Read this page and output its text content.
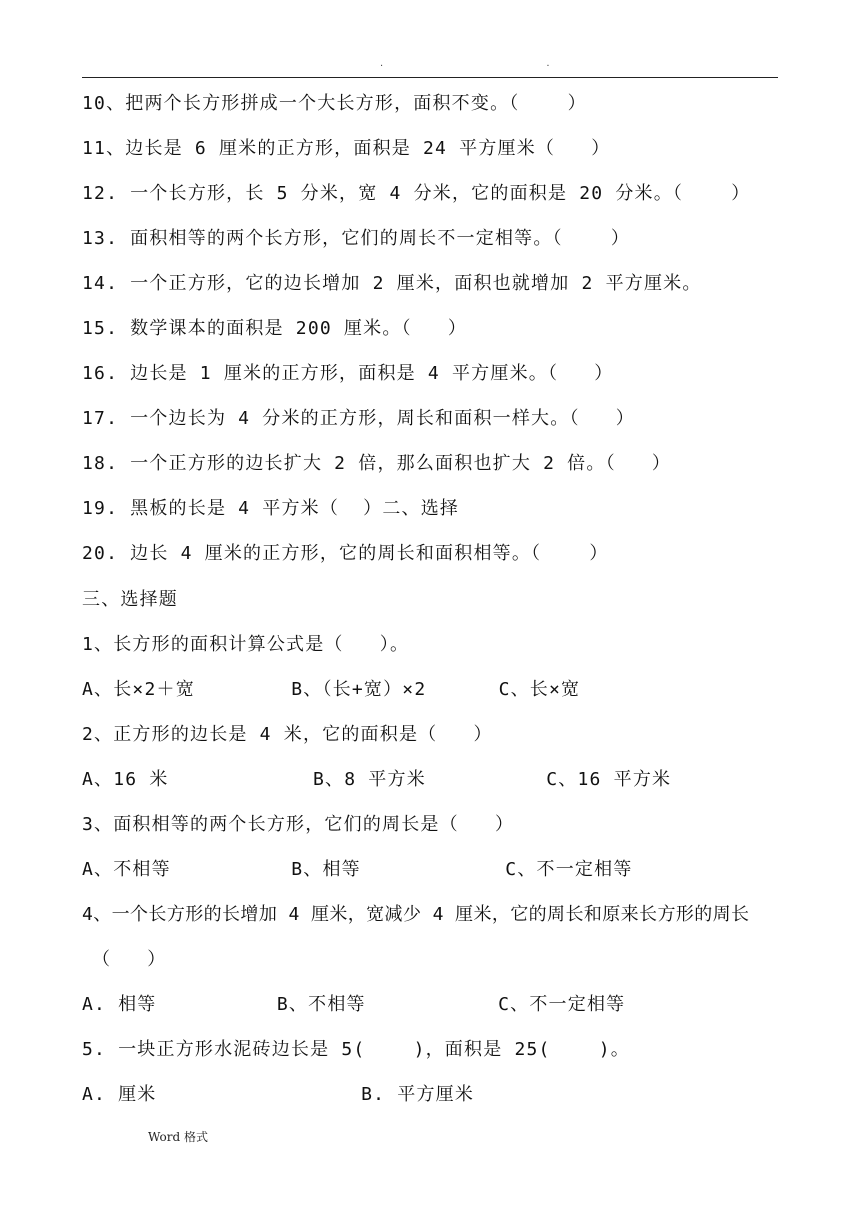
. .
10、把两个长方形拼成一个大长方形，面积不变。（    ）
11、边长是 6 厘米的正方形，面积是 24 平方厘米（   ）
12. 一个长方形，长 5 分米，宽 4 分米，它的面积是 20 分米。（    ）
13. 面积相等的两个长方形，它们的周长不一定相等。（    ）
14. 一个正方形，它的边长增加 2 厘米，面积也就增加 2 平方厘米。
15. 数学课本的面积是 200 厘米。（   ）
16. 边长是 1 厘米的正方形，面积是 4 平方厘米。（   ）
17. 一个边长为 4 分米的正方形，周长和面积一样大。（   ）
18. 一个正方形的边长扩大 2 倍，那么面积也扩大 2 倍。（   ）
19. 黑板的长是 4 平方米（  ）二、选择
20. 边长 4 厘米的正方形，它的周长和面积相等。（    ）
三、选择题
1、长方形的面积计算公式是（   ）。
A、长×2＋宽        B、（长+宽）×2      C、长×宽
2、正方形的边长是 4 米，它的面积是（   ）
A、16 米            B、8 平方米          C、16 平方米
3、面积相等的两个长方形，它们的周长是（   ）
A、不相等          B、相等            C、不一定相等
4、一个长方形的长增加 4 厘米，宽减少 4 厘米，它的周长和原来长方形的周长
（   ）
A. 相等          B、不相等           C、不一定相等
5. 一块正方形水泥砖边长是 5(    )，面积是 25(    )。
A. 厘米                 B. 平方厘米
Word 格式
